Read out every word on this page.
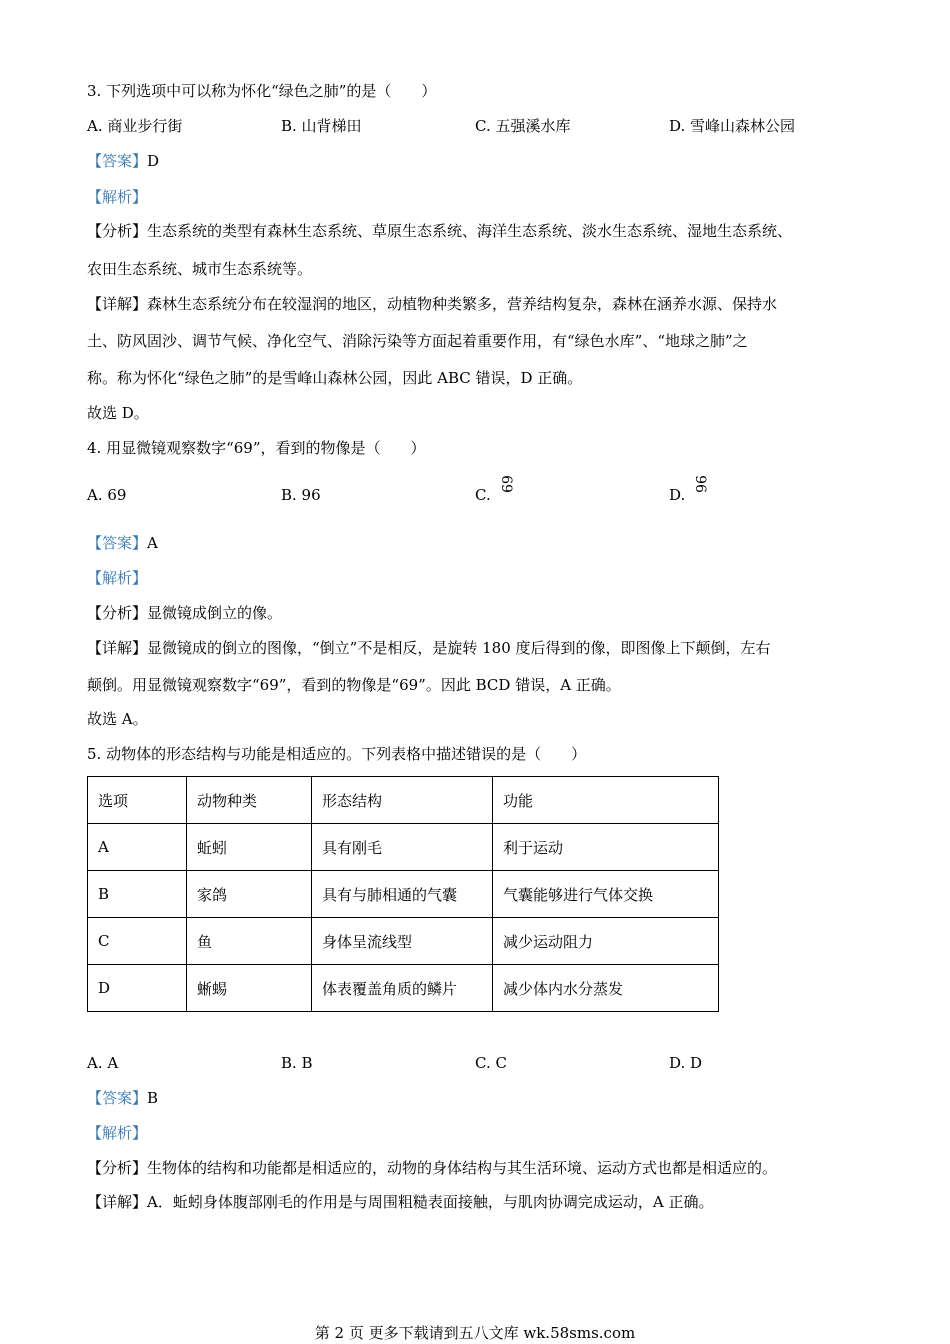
3. 下列选项中可以称为怀化“绿色之肺”的是（　　）
A. 商业步行街	B. 山背梯田	C. 五强溪水库	D. 雪峰山森林公园
【答案】D
【解析】
【分析】生态系统的类型有森林生态系统、草原生态系统、海洋生态系统、淡水生态系统、湿地生态系统、
农田生态系统、城市生态系统等。
【详解】森林生态系统分布在较湿润的地区，动植物种类繁多，营养结构复杂，森林在涵养水源、保持水
土、防风固沙、调节气候、净化空气、消除污染等方面起着重要作用，有“绿色水库”、“地球之肺”之
称。称为怀化“绿色之肺”的是雪峰山森林公园，因此 ABC 错误，D 正确。
故选 D。
4. 用显微镜观察数字“69”，看到的物像是（　　）
A. 69	B. 96	C.69
D.96
【答案】A
【解析】
【分析】显微镜成倒立的像。
【详解】显微镜成的倒立的图像，“倒立”不是相反，是旋转 180 度后得到的像，即图像上下颠倒，左右
颠倒。用显微镜观察数字“69”，看到的物像是“69”。因此 BCD 错误，A 正确。
故选 A。
5. 动物体的形态结构与功能是相适应的。下列表格中描述错误的是（　　）
选项	动物种类	形态结构	功能
A	蚯蚓	具有刚毛	利于运动
B	家鸽	具有与肺相通的气囊	气囊能够进行气体交换
C	鱼	身体呈流线型	减少运动阻力
D	蜥蜴	体表覆盖角质的鳞片	减少体内水分蒸发
A. A	B. B	C. C	D. D
【答案】B
【解析】
【分析】生物体的结构和功能都是相适应的，动物的身体结构与其生活环境、运动方式也都是相适应的。
【详解】A．蚯蚓身体腹部刚毛的作用是与周围粗糙表面接触，与肌肉协调完成运动，A 正确。
第 2 页 更多下载请到五八文库 wk.58sms.com
